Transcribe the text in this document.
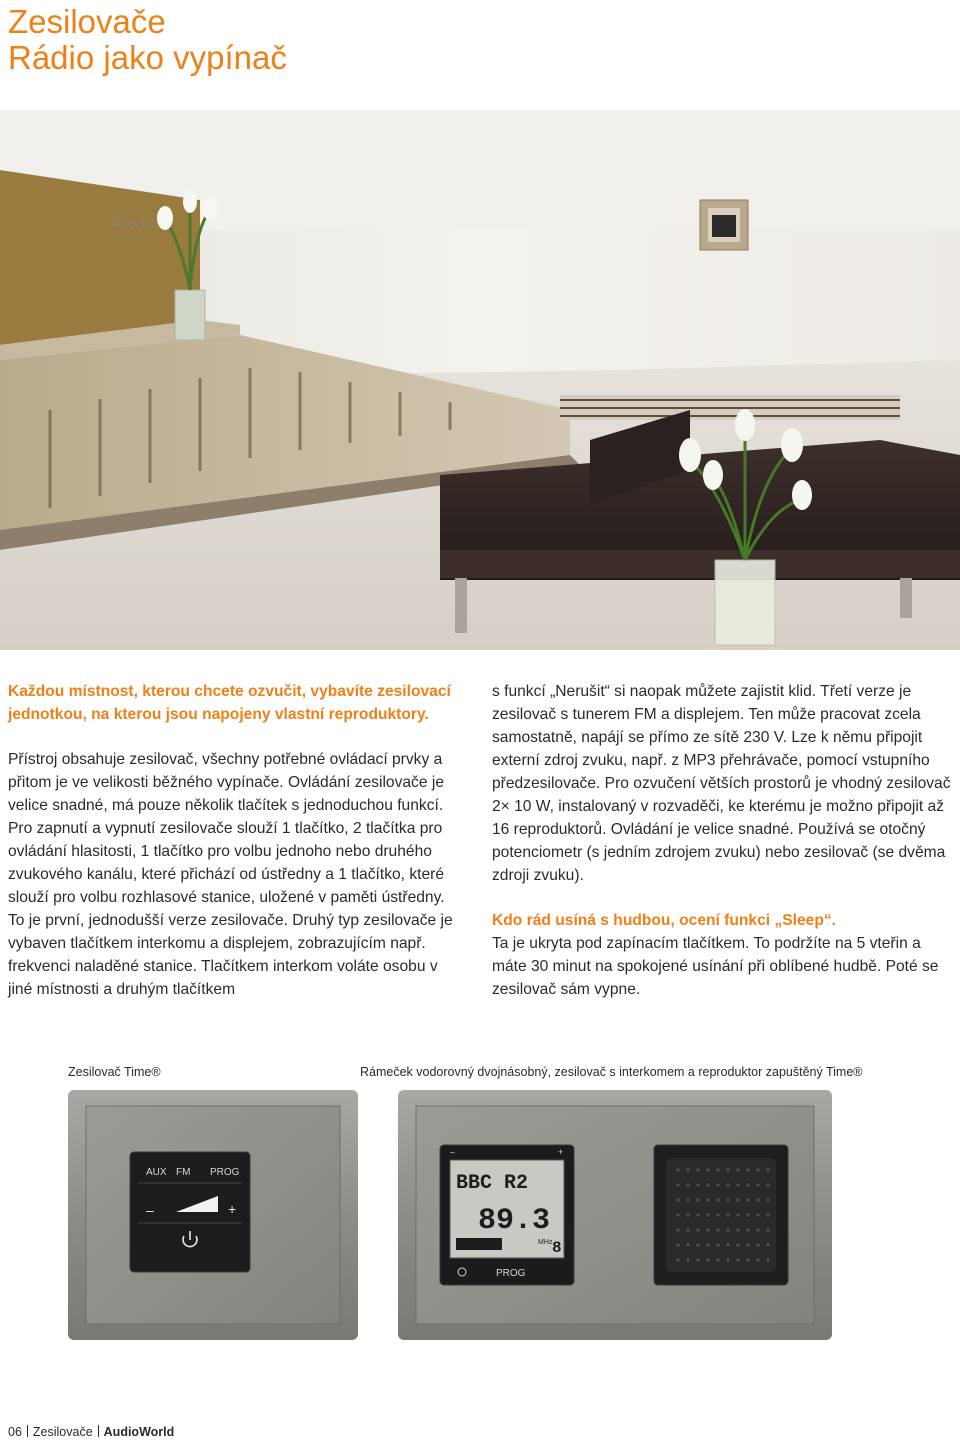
Zesilovače
Rádio jako vypínač
4 to 12

Každou místnost, kterou chcete ozvučit, vybavíte zesilovací jednotkou, na kterou jsou napojeny vlastní reproduktory.

Přístroj obsahuje zesilovač, všechny potřebné ovládací prvky a přitom je ve velikosti běžného vypínače. Ovládání zesilovače je velice snadné, má pouze několik tlačítek s jednoduchou funkcí. Pro zapnutí a vypnutí zesilovače slouží 1 tlačítko, 2 tlačítka pro ovládání hlasitosti, 1 tlačítko pro volbu jednoho nebo druhého zvukového kanálu, které přichází od ústředny a 1 tlačítko, které slouží pro volbu rozhlasové stanice, uložené v paměti ústředny. To je první, jednodušší verze zesilovače. Druhý typ zesilovače je vybaven tlačítkem interkomu a displejem, zobrazujícím např. frekvenci naladěné stanice. Tlačítkem interkom voláte osobu v jiné místnosti a druhým tlačítkem

s funkcí „Nerušit“ si naopak můžete zajistit klid. Třetí verze je zesilovač s tunerem FM a displejem. Ten může pracovat zcela samostatně, napájí se přímo ze sítě 230 V. Lze k němu připojit externí zdroj zvuku, např. z MP3 přehrávače, pomocí vstupního předzesilovače. Pro ozvučení větších prostorů je vhodný zesilovač 2× 10 W, instalovaný v rozvaděči, ke kterému je možno připojit až 16 reproduktorů. Ovládání je velice snadné. Používá se otočný potenciometr (s jedním zdrojem zvuku) nebo zesilovač (se dvěma zdroji zvuku).

Kdo rád usíná s hudbou, ocení funkci „Sleep“.

Ta je ukryta pod zapínacím tlačítkem. To podržíte na 5 vteřin a máte 30 minut na spokojené usínání při oblíbené hudbě. Poté se zesilovač sám vypne.

Zesilovač Time®	Rámeček vodorovný dvojnásobný, zesilovač s interkomem a reproduktor zapuštěný Time®
AUX FM PROG
–	+
BBC R2
89.3
MHz 8
–	+
PROG
06 Zesilovače AudioWorld
